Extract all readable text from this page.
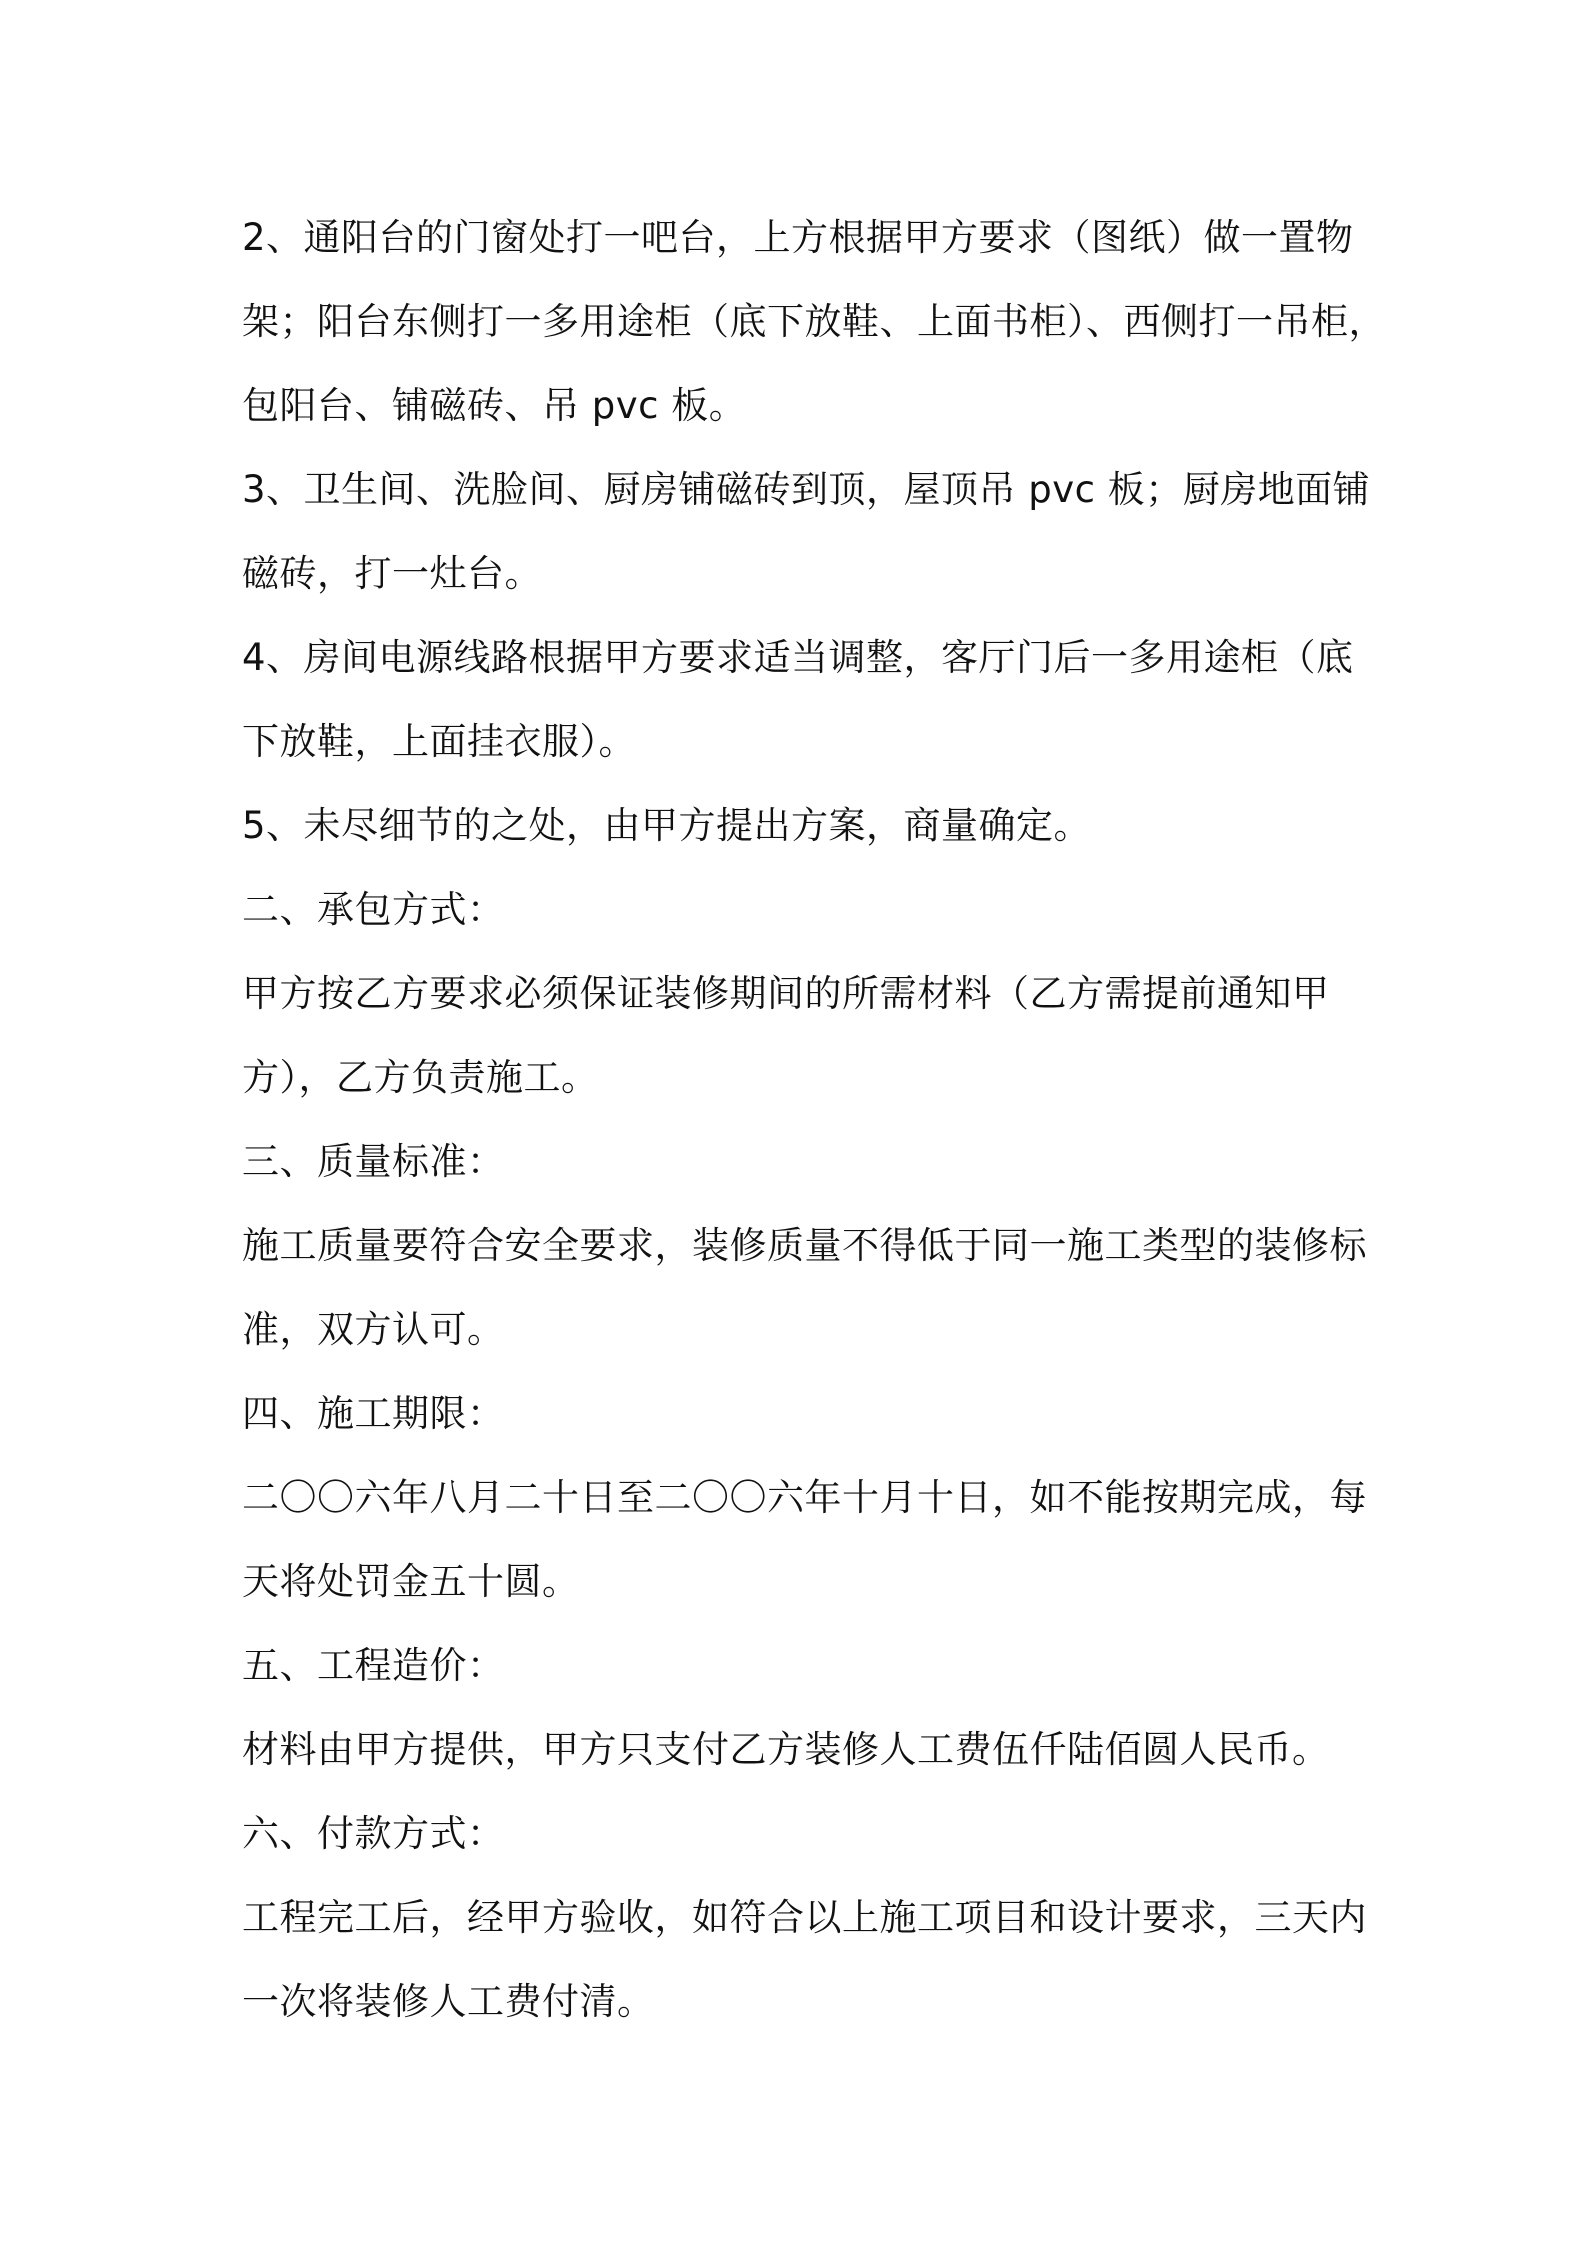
2、通阳台的门窗处打一吧台，上方根据甲方要求（图纸）做一置物
架；阳台东侧打一多用途柜（底下放鞋、上面书柜）、西侧打一吊柜，
包阳台、铺磁砖、吊 pvc 板。
3、卫生间、洗脸间、厨房铺磁砖到顶，屋顶吊 pvc 板；厨房地面铺
磁砖，打一灶台。
4、房间电源线路根据甲方要求适当调整，客厅门后一多用途柜（底
下放鞋，上面挂衣服）。
5、未尽细节的之处，由甲方提出方案，商量确定。
二、承包方式：
甲方按乙方要求必须保证装修期间的所需材料（乙方需提前通知甲
方），乙方负责施工。
三、质量标准：
施工质量要符合安全要求，装修质量不得低于同一施工类型的装修标
准，双方认可。
四、施工期限：
二〇〇六年八月二十日至二〇〇六年十月十日，如不能按期完成，每
天将处罚金五十圆。
五、工程造价：
材料由甲方提供，甲方只支付乙方装修人工费伍仟陆佰圆人民币。
六、付款方式：
工程完工后，经甲方验收，如符合以上施工项目和设计要求，三天内
一次将装修人工费付清。
